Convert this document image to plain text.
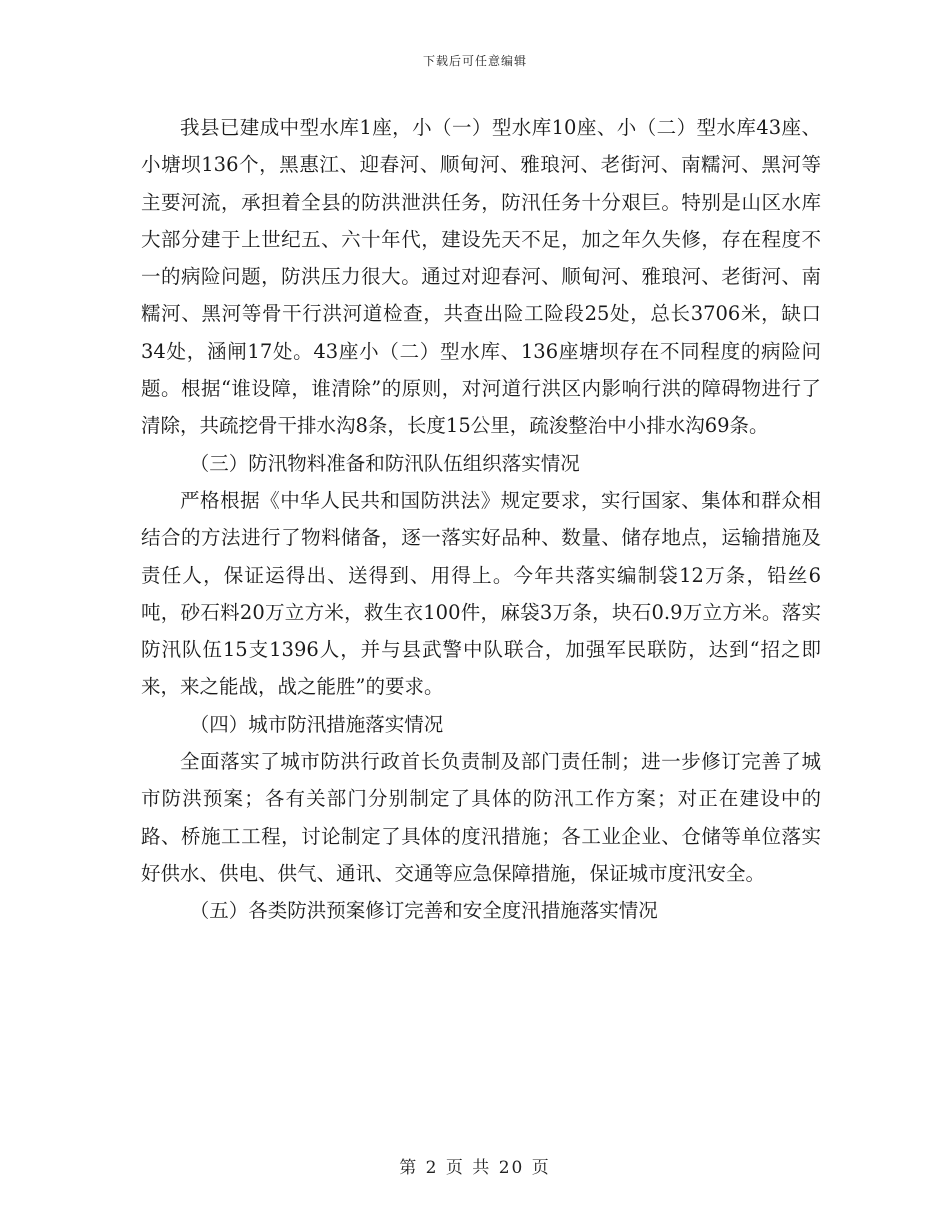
下载后可任意编辑

我县已建成中型水库1座，小（一）型水库10座、小（二）型水库43座、小塘坝136个，黑惠江、迎春河、顺甸河、雅琅河、老街河、南糯河、黑河等主要河流，承担着全县的防洪泄洪任务，防汛任务十分艰巨。特别是山区水库大部分建于上世纪五、六十年代，建设先天不足，加之年久失修，存在程度不一的病险问题，防洪压力很大。通过对迎春河、顺甸河、雅琅河、老街河、南糯河、黑河等骨干行洪河道检查，共查出险工险段25处，总长3706米，缺口34处，涵闸17处。43座小（二）型水库、136座塘坝存在不同程度的病险问题。根据“谁设障，谁清除”的原则，对河道行洪区内影响行洪的障碍物进行了清除，共疏挖骨干排水沟8条，长度15公里，疏浚整治中小排水沟69条。

（三）防汛物料准备和防汛队伍组织落实情况

严格根据《中华人民共和国防洪法》规定要求，实行国家、集体和群众相结合的方法进行了物料储备，逐一落实好品种、数量、储存地点，运输措施及责任人，保证运得出、送得到、用得上。今年共落实编制袋12万条，铅丝6吨，砂石料20万立方米，救生衣100件，麻袋3万条，块石0.9万立方米。落实防汛队伍15支1396人，并与县武警中队联合，加强军民联防，达到“招之即来，来之能战，战之能胜”的要求。

（四）城市防汛措施落实情况

全面落实了城市防洪行政首长负责制及部门责任制；进一步修订完善了城市防洪预案；各有关部门分别制定了具体的防汛工作方案；对正在建设中的路、桥施工工程，讨论制定了具体的度汛措施；各工业企业、仓储等单位落实好供水、供电、供气、通讯、交通等应急保障措施，保证城市度汛安全。

（五）各类防洪预案修订完善和安全度汛措施落实情况

第 2 页 共 20 页
